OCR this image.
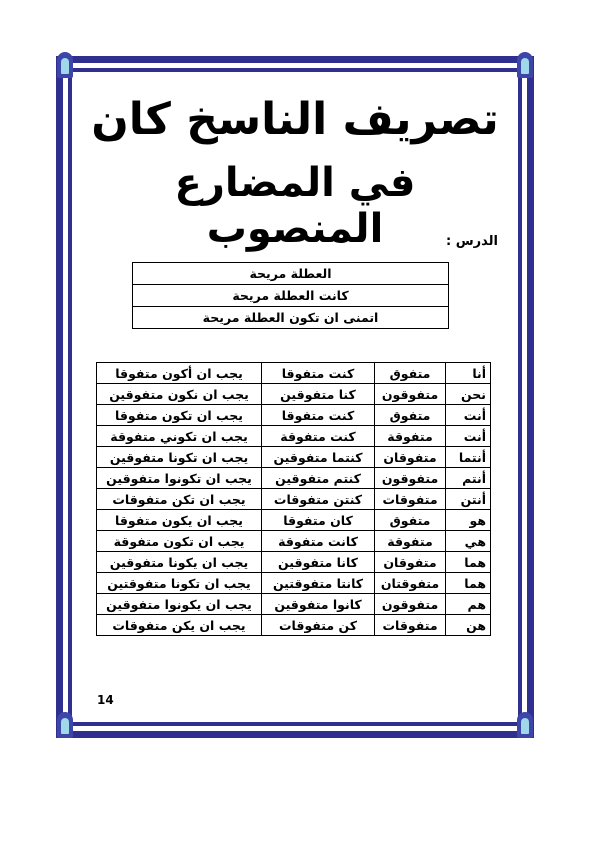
تصريف الناسخ كان
في المضارع المنصوب	الدرس :
العطلة مريحة
كانت العطلة مريحة
اتمنى ان تكون العطلة مريحة
أنا	متفوق	كنت متفوقا	يجب ان أكون متفوقا
نحن	متفوقون	كنا متفوقين	يجب ان نكون متفوقين
أنت	متفوق	كنت متفوقا	يجب ان تكون متفوقا
أنت	متفوقة	كنت متفوقة	يجب ان تكوني متفوقة
أنتما	متفوقان	كنتما متفوقين	يجب ان تكونا متفوقين
أنتم	متفوقون	كنتم متفوقين	يجب ان تكونوا متفوقين
أنتن	متفوقات	كنتن متفوقات	يجب ان تكن متفوقات
هو	متفوق	كان متفوقا	يجب ان يكون متفوقا
هي	متفوقة	كانت متفوقة	يجب ان تكون متفوقة
هما	متفوقان	كانا متفوقين	يجب ان يكونا متفوقين
هما	متفوقتان	كانتا متفوقتين	يجب ان تكونا متفوقتين
هم	متفوقون	كانوا متفوقين	يجب ان يكونوا متفوقين
هن	متفوقات	كن متفوقات	يجب ان يكن متفوقات
14
